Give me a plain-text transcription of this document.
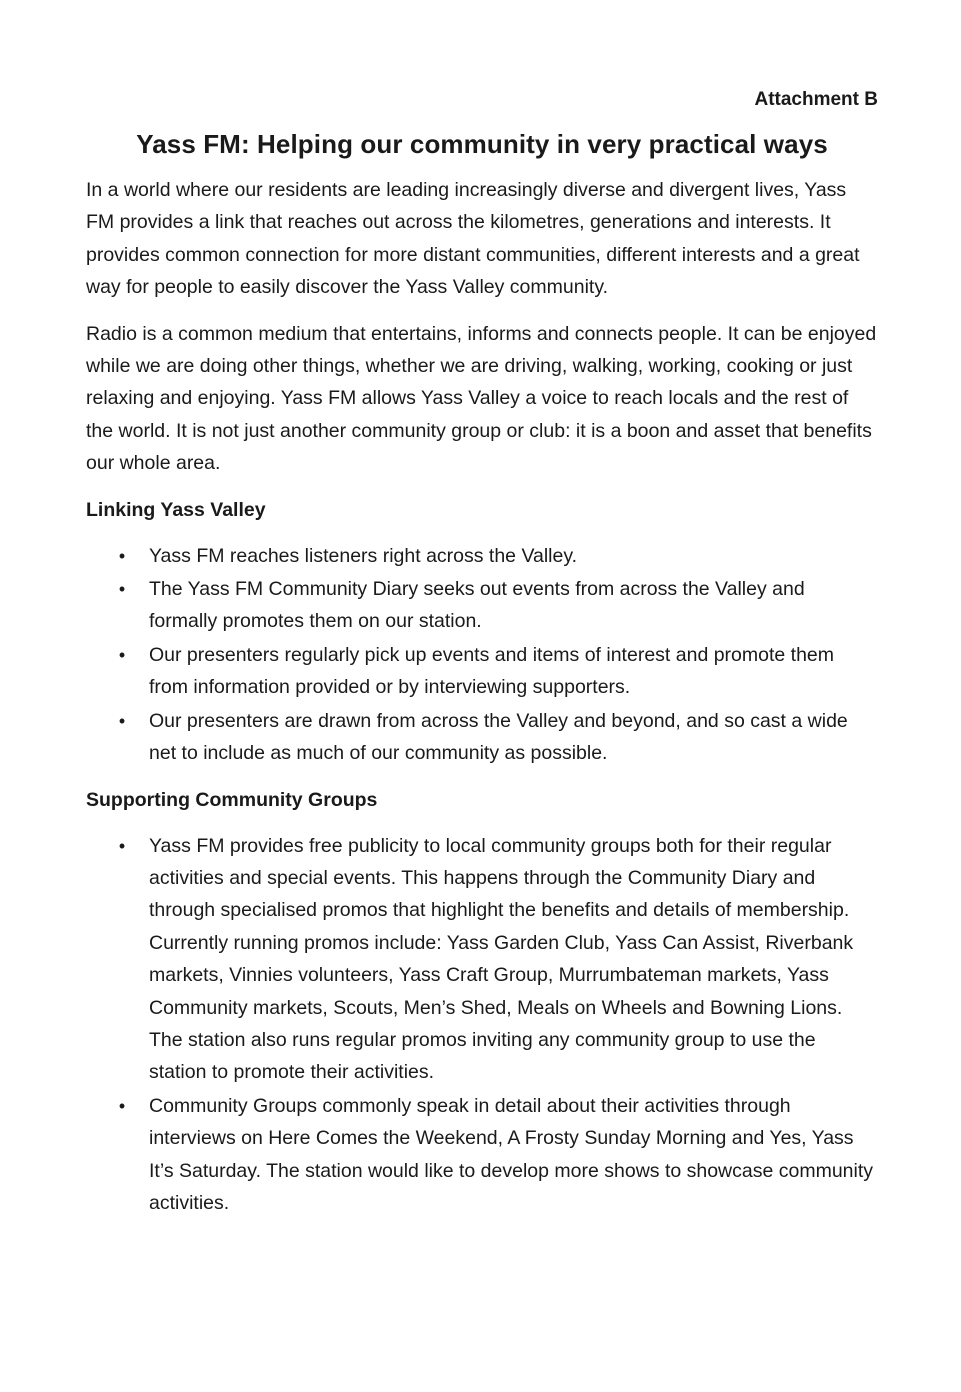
Attachment B

Yass FM: Helping our community in very practical ways

In a world where our residents are leading increasingly diverse and divergent lives, Yass FM provides a link that reaches out across the kilometres, generations and interests. It provides common connection for more distant communities, different interests and a great way for people to easily discover the Yass Valley community.

Radio is a common medium that entertains, informs and connects people. It can be enjoyed while we are doing other things, whether we are driving, walking, working, cooking or just relaxing and enjoying. Yass FM allows Yass Valley a voice to reach locals and the rest of the world. It is not just another community group or club: it is a boon and asset that benefits our whole area.

Linking Yass Valley
• Yass FM reaches listeners right across the Valley.
• The Yass FM Community Diary seeks out events from across the Valley and formally promotes them on our station.
• Our presenters regularly pick up events and items of interest and promote them from information provided or by interviewing supporters.
• Our presenters are drawn from across the Valley and beyond, and so cast a wide net to include as much of our community as possible.
Supporting Community Groups
• Yass FM provides free publicity to local community groups both for their regular activities and special events. This happens through the Community Diary and through specialised promos that highlight the benefits and details of membership. Currently running promos include: Yass Garden Club, Yass Can Assist, Riverbank markets, Vinnies volunteers, Yass Craft Group, Murrumbateman markets, Yass Community markets, Scouts, Men’s Shed, Meals on Wheels and Bowning Lions. The station also runs regular promos inviting any community group to use the station to promote their activities.
• Community Groups commonly speak in detail about their activities through interviews on Here Comes the Weekend, A Frosty Sunday Morning and Yes, Yass It’s Saturday. The station would like to develop more shows to showcase community activities.
